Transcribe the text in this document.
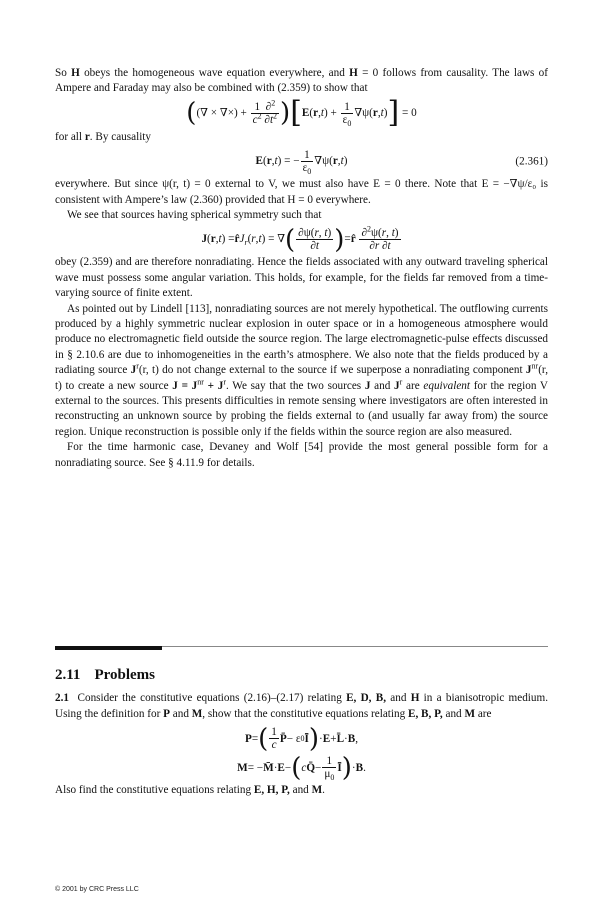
So H obeys the homogeneous wave equation everywhere, and H = 0 follows from causality. The laws of Ampere and Faraday may also be combined with (2.359) to show that

( (∇ × ∇×) + $\frac{1 \partial^2}{c^2 \partial t^2}$ ) [ E ( r , t ) + $\frac{1}{\varepsilon_0} \nabla\psi$( r , t ) ] = 0

for all r. By causality

E ( r , t ) = − $\frac{1}{\varepsilon_0} \nabla\psi$( r , t )	(2.361)

everywhere. But since ψ(r, t) = 0 external to V, we must also have E = 0 there. Note that E = −∇ψ/ε₀ is consistent with Ampere’s law (2.360) provided that H = 0 everywhere.

We see that sources having spherical symmetry such that

J ( r , t ) = r̂ $J_r$ ( r , t ) = ∇ ( $\frac{\partial\psi(r, t)}{\partial t}$ ) = r̂
$\frac{\partial^2\psi(r, t)}{\partial r \partial t}$

obey (2.359) and are therefore nonradiating. Hence the fields associated with any outward traveling spherical wave must possess some angular variation. This holds, for example, for the fields far removed from a time-varying source of finite extent.

As pointed out by Lindell [113], nonradiating sources are not merely hypothetical. The outflowing currents produced by a highly symmetric nuclear explosion in outer space or in a homogeneous atmosphere would produce no electromagnetic field outside the source region. The large electromagnetic-pulse effects discussed in § 2.10.6 are due to inhomogeneities in the earth’s atmosphere. We also note that the fields produced by a radiating source $J^r(r$, t) do not change external to the source if we superpose a nonradiating component $J^{nr}(r$, t) to create a new source $J = J^{nr} + J^r$. We say that the two sources J and $J^r$ are equivalent for the region V external to the sources. This presents difficulties in remote sensing where investigators are often interested in reconstructing an unknown source by probing the fields external to (and usually far away from) the source region. Unique reconstruction is possible only if the fields within the source region are also measured.

For the time harmonic case, Devaney and Wolf [54] provide the most general possible form for a nonradiating source. See § 4.11.9 for details.

2.11 Problems

2.1 Consider the constitutive equations (2.16)–(2.17) relating E, D, B, and H in a bianisotropic medium. Using the definition for P and M, show that the constitutive equations relating E, B, P, and M are

P = ( $\frac{1}{c}$ P̄ − ε 0 Ī ) · E + L̄ · B ,
M = − M̄ · E − ( c Q̄ − $\frac{1}{\mu_0}$ Ī ) · B .

Also find the constitutive equations relating E, H, P, and M.

© 2001 by CRC Press LLC
